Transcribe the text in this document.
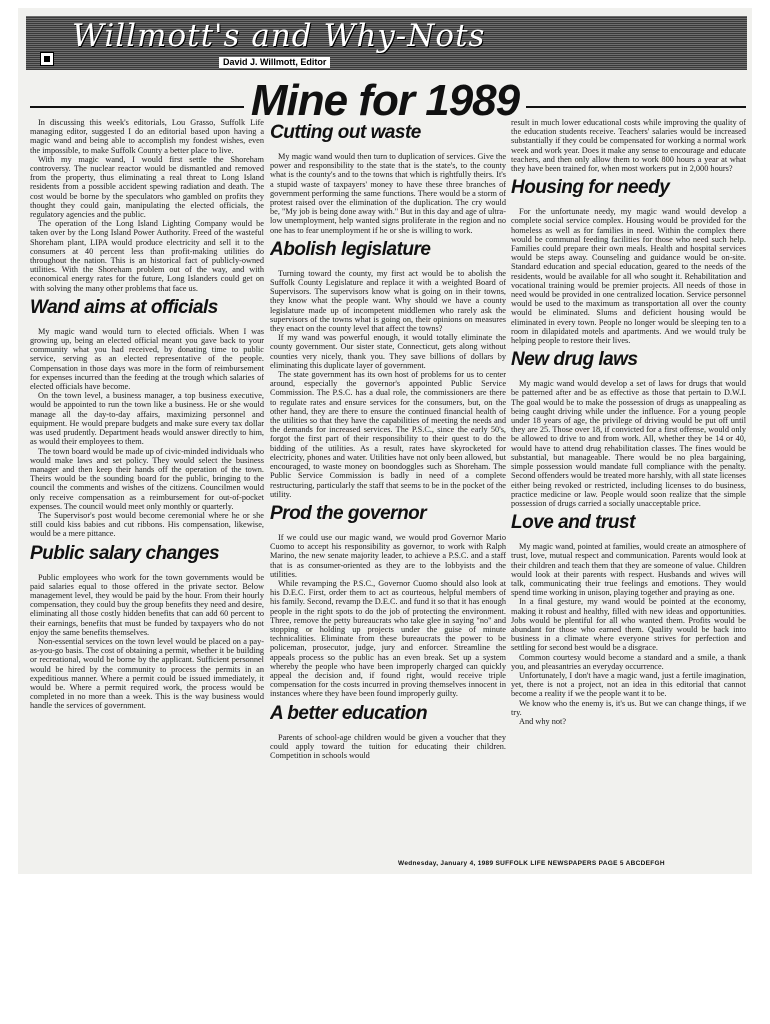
Willmott's and Why-Nots
David J. Willmott, Editor
Mine for 1989
In discussing this week's editorials, Lou Grasso, Suffolk Life managing editor, suggested I do an editorial based upon having a magic wand and being able to accomplish my fondest wishes, even the impossible, to make Suffolk County a better place to live.
With my magic wand, I would first settle the Shoreham controversy. The nuclear reactor would be dismantled and removed from the property, thus eliminating a real threat to Long Island residents from a possible accident spewing radiation and death. The cost would be borne by the speculators who gambled on profits they thought they could gain, manipulating the elected officials, the regulatory agencies and the public.
The operation of the Long Island Lighting Company would be taken over by the Long Island Power Authority. Freed of the wasteful Shoreham plant, LIPA would produce electricity and sell it to the consumers at 40 percent less than profit-making utilities do throughout the nation. This is an historical fact of publicly-owned utilities. With the Shoreham problem out of the way, and with economical energy rates for the future, Long Islanders could get on with solving the many other problems that face us.
Wand aims at officials
My magic wand would turn to elected officials. When I was growing up, being an elected official meant you gave back to your community what you had received, by donating time to public service, serving as an elected representative of the people. Compensation in those days was more in the form of reimbursement for expenses incurred than the feeding at the trough which salaries of elected officials have become.
On the town level, a business manager, a top business executive, would be appointed to run the town like a business. He or she would manage all the day-to-day affairs, maximizing personnel and equipment. He would prepare budgets and make sure every tax dollar was used prudently. Department heads would answer directly to him, as would their employees to them.
The town board would be made up of civic-minded individuals who would make laws and set policy. They would select the business manager and then keep their hands off the operation of the town. Theirs would be the sounding board for the public, bringing to the council the comments and wishes of the citizens. Councilmen would only receive compensation as a reimbursement for out-of-pocket expenses. The council would meet only monthly or quarterly.
The Supervisor's post would become ceremonial where he or she still could kiss babies and cut ribbons. His compensation, likewise, would be a mere pittance.
Public salary changes
Public employees who work for the town governments would be paid salaries equal to those offered in the private sector. Below management level, they would be paid by the hour. From their hourly compensation, they could buy the group benefits they need and desire, eliminating all those costly hidden benefits that can add 60 percent to their earnings, benefits that must be funded by taxpayers who do not enjoy the same benefits themselves.
Non-essential services on the town level would be placed on a pay-as-you-go basis. The cost of obtaining a permit, whether it be building or recreational, would be borne by the applicant. Sufficient personnel would be hired by the community to process the permits in an expeditious manner. Where a permit could be issued immediately, it would be. Where a permit required work, the process would be completed in no more than a week. This is the way business would handle the services of government.
Cutting out waste
My magic wand would then turn to duplication of services. Give the power and responsibility to the state that is the state's, to the county what is the county's and to the towns that which is rightfully theirs. It's a stupid waste of taxpayers' money to have these three branches of government performing the same functions. There would be a storm of protest raised over the elimination of the duplication. The cry would be, "My job is being done away with." But in this day and age of ultra-low unemployment, help wanted signs proliferate in the region and no one has to fear unemployment if he or she is willing to work.
Abolish legislature
Turning toward the county, my first act would be to abolish the Suffolk County Legislature and replace it with a weighted Board of Supervisors. The supervisors know what is going on in their towns, they know what the people want. Why should we have a county legislature made up of incompetent middlemen who rarely ask the supervisors of the towns what is going on, their opinions on measures they enact on the county level that affect the towns?
If my wand was powerful enough, it would totally eliminate the county government. Our sister state, Connecticut, gets along without counties very nicely, thank you. They save billions of dollars by eliminating this duplicate layer of government.
The state government has its own host of problems for us to center around, especially the governor's appointed Public Service Commission. The P.S.C. has a dual role, the commissioners are there to regulate rates and ensure services for the consumers, but, on the other hand, they are there to ensure the continued financial health of the utilities so that they have the capabilities of meeting the needs and the demands for increased services. The P.S.C., since the early 50's, forgot the first part of their responsibility to their quest to do the bidding of the utilities. As a result, rates have skyrocketed for electricity, phones and water. Utilities have not only been allowed, but encouraged, to waste money on boondoggles such as Shoreham. The Public Service Commission is badly in need of a complete restructuring, particularly the staff that seems to be in the pocket of the utility.
Prod the governor
If we could use our magic wand, we would prod Governor Mario Cuomo to accept his responsibility as governor, to work with Ralph Marino, the new senate majority leader, to achieve a P.S.C. and a staff that is as consumer-oriented as they are to the lobbyists and the utilities.
While revamping the P.S.C., Governor Cuomo should also look at his D.E.C. First, order them to act as courteous, helpful members of his family. Second, revamp the D.E.C. and fund it so that it has enough people in the right spots to do the job of protecting the environment. Three, remove the petty bureaucrats who take glee in saying "no" and stopping or holding up projects under the guise of minute technicalities. Eliminate from these bureaucrats the power to be policeman, prosecutor, judge, jury and enforcer. Streamline the appeals process so the public has an even break. Set up a system whereby the people who have been improperly charged can quickly appeal the decision and, if found right, would receive triple compensation for the costs incurred in proving themselves innocent in instances where they have been found improperly guilty.
A better education
Parents of school-age children would be given a voucher that they could apply toward the tuition for educating their children. Competition in schools would
result in much lower educational costs while improving the quality of the education students receive. Teachers' salaries would be increased substantially if they could be compensated for working a normal work week and work year. Does it make any sense to encourage and educate teachers, and then only allow them to work 800 hours a year at what they have been trained for, when most workers put in 2,000 hours?
Housing for needy
For the unfortunate needy, my magic wand would develop a complete social service complex. Housing would be provided for the homeless as well as for families in need. Within the complex there would be communal feeding facilities for those who need such help. Families could prepare their own meals. Health and hospital services would be steps away. Counseling and guidance would be on-site. Standard education and special education, geared to the needs of the residents, would be available for all who sought it. Rehabilitation and vocational training would be premier projects. All needs of those in need would be provided in one centralized location. Service personnel would be used to the maximum as transportation all over the county would be eliminated. Slums and deficient housing would be eliminated in every town. People no longer would be sleeping ten to a room in dilapidated motels and apartments. And we would truly be helping people to restore their lives.
New drug laws
My magic wand would develop a set of laws for drugs that would be patterned after and be as effective as those that pertain to D.W.I. The goal would be to make the possession of drugs as unappealing as being caught driving while under the influence. For a young people under 18 years of age, the privilege of driving would be put off until they are 25. Those over 18, if convicted for a first offense, would only be allowed to drive to and from work. All, whether they be 14 or 40, would have to attend drug rehabilitation classes. The fines would be substantial, but manageable. There would be no plea bargaining, simple possession would mandate full compliance with the penalty. Second offenders would be treated more harshly, with all state licenses either being revoked or restricted, including licenses to do business, practice medicine or law. People would soon realize that the simple possession of drugs carried a socially unacceptable price.
Love and trust
My magic wand, pointed at families, would create an atmosphere of trust, love, mutual respect and communication. Parents would look at their children and teach them that they are someone of value. Children would look at their parents with respect. Husbands and wives will talk, communicating their true feelings and emotions. They would spend time working in unison, playing together and praying as one.
In a final gesture, my wand would be pointed at the economy, making it robust and healthy, filled with new ideas and opportunities. Jobs would be plentiful for all who wanted them. Profits would be abundant for those who earned them. Quality would be back into business in a climate where everyone strives for perfection and settling for second best would be a disgrace.
Common courtesy would become a standard and a smile, a thank you, and pleasantries an everyday occurrence.
Unfortunately, I don't have a magic wand, just a fertile imagination, yet, there is not a project, not an idea in this editorial that cannot become a reality if we the people want it to be.
We know who the enemy is, it's us. But we can change things, if we try.
And why not?
Wednesday, January 4, 1989 SUFFOLK LIFE NEWSPAPERS PAGE 5 ABCDEFGH
